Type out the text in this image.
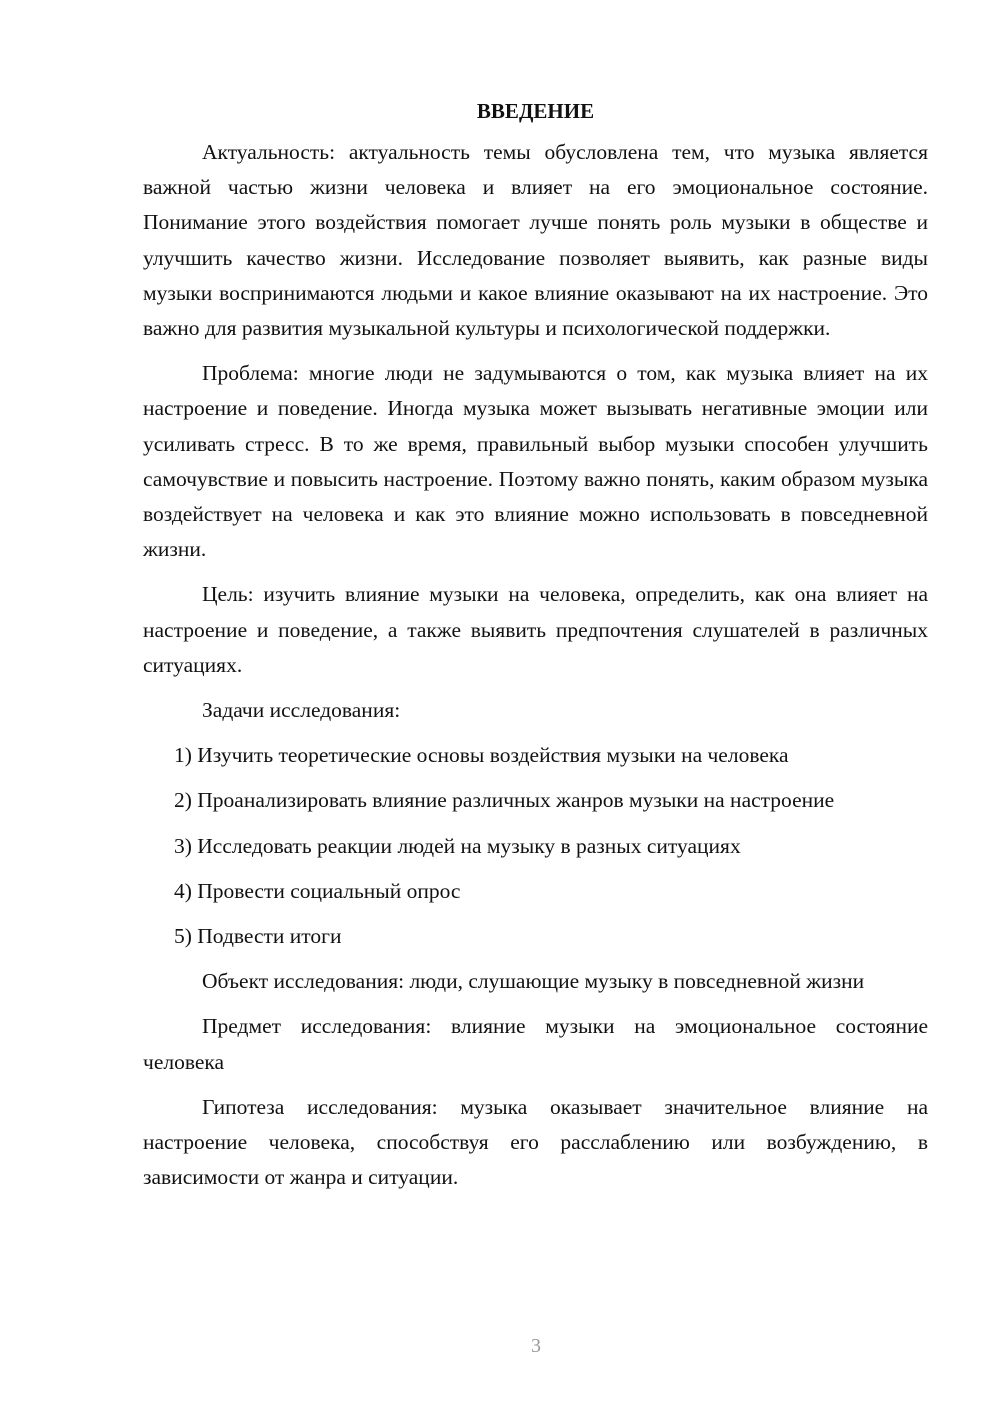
ВВЕДЕНИЕ

Актуальность: актуальность темы обусловлена тем, что музыка является важной частью жизни человека и влияет на его эмоциональное состояние. Понимание этого воздействия помогает лучше понять роль музыки в обществе и улучшить качество жизни. Исследование позволяет выявить, как разные виды музыки воспринимаются людьми и какое влияние оказывают на их настроение. Это важно для развития музыкальной культуры и психологической поддержки.

Проблема: многие люди не задумываются о том, как музыка влияет на их настроение и поведение. Иногда музыка может вызывать негативные эмоции или усиливать стресс. В то же время, правильный выбор музыки способен улучшить самочувствие и повысить настроение. Поэтому важно понять, каким образом музыка воздействует на человека и как это влияние можно использовать в повседневной жизни.

Цель: изучить влияние музыки на человека, определить, как она влияет на настроение и поведение, а также выявить предпочтения слушателей в различных ситуациях.

Задачи исследования:

1) Изучить теоретические основы воздействия музыки на человека

2) Проанализировать влияние различных жанров музыки на настроение

3) Исследовать реакции людей на музыку в разных ситуациях

4) Провести социальный опрос

5) Подвести итоги

Объект исследования: люди, слушающие музыку в повседневной жизни

Предмет исследования: влияние музыки на эмоциональное состояние человека

Гипотеза исследования: музыка оказывает значительное влияние на настроение человека, способствуя его расслаблению или возбуждению, в зависимости от жанра и ситуации.

3
